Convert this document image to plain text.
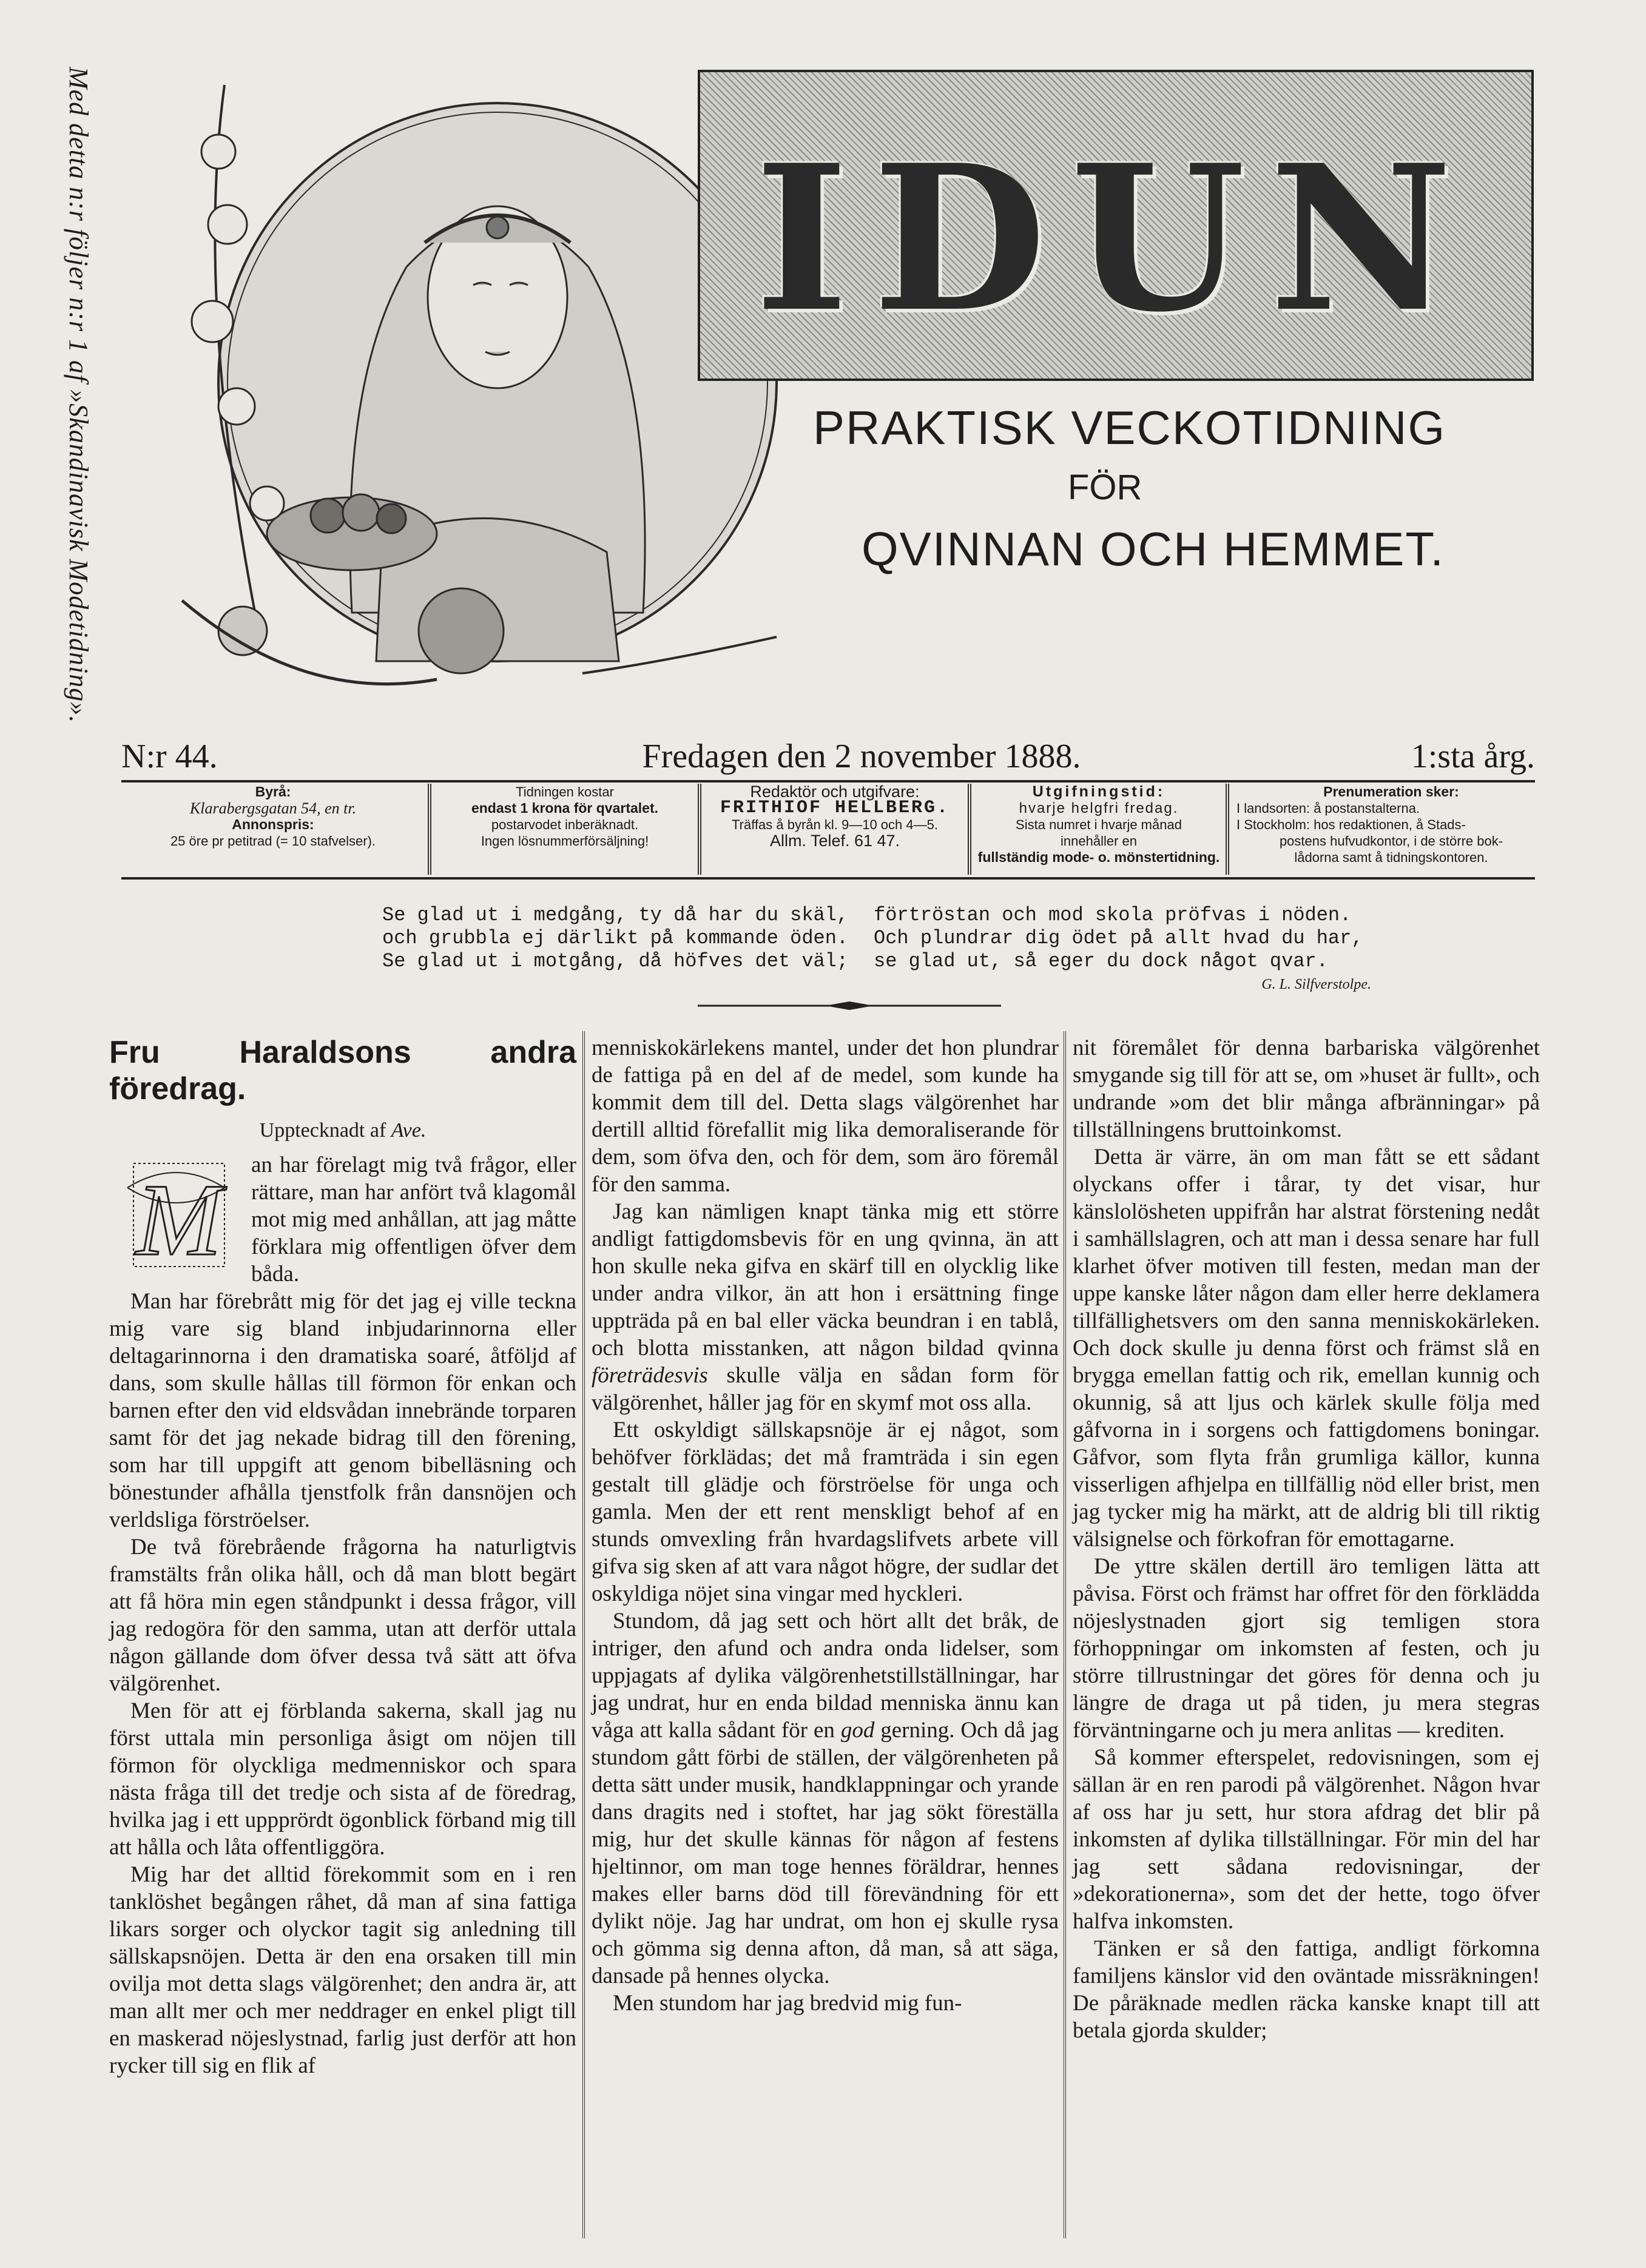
Med detta n:r följer n:r 1 af »Skandinavisk Modetidning».	IDUN
PRAKTISK VECKOTIDNING
FÖR
QVINNAN OCH HEMMET.
N:r 44.	Fredagen den 2 november 1888.	1:sta årg.
Byrå:
Klarabergsgatan 54, en tr.
Annonspris:
25 öre pr petitrad (= 10 stafvelser).
Tidningen kostar
endast 1 krona för qvartalet.
postarvodet inberäknadt.
Ingen lösnummerförsäljning!
Redaktör och utgifvare:
FRITHIOF HELLBERG.
Träffas å byrån kl. 9—10 och 4—5.
Allm. Telef. 61 47.
Utgifningstid:
hvarje helgfri fredag.
Sista numret i hvarje månad
innehåller en
fullständig mode- o. mönstertidning.
Prenumeration sker:
I landsorten: å postanstalterna.
I Stockholm: hos redaktionen, å Stads-
postens hufvudkontor, i de större bok-
lådorna samt å tidningskontoren.
Se glad ut i medgång, ty då har du skäl,
och grubbla ej därlikt på kommande öden.
Se glad ut i motgång, då höfves det väl;
förtröstan och mod skola pröfvas i nöden.
Och plundrar dig ödet på allt hvad du har,
se glad ut, så eger du dock något qvar.
G. L. Silfverstolpe.
Fru Haraldsons andra föredrag.
Upptecknadt af Ave.
M	an har förelagt mig två frågor, eller rättare, man har anfört två klagomål mot mig med anhållan, att jag måtte förklara mig offentligen öfver dem båda.

Man har förebrått mig för det jag ej ville teckna mig vare sig bland inbjudarinnorna eller deltagarinnorna i den dramatiska soaré, åtföljd af dans, som skulle hållas till förmon för enkan och barnen efter den vid eldsvådan innebrände torparen samt för det jag nekade bidrag till den förening, som har till uppgift att genom bibelläsning och bönestunder afhålla tjenstfolk från dansnöjen och verldsliga förströelser.

De två förebrående frågorna ha naturligtvis framstälts från olika håll, och då man blott begärt att få höra min egen ståndpunkt i dessa frågor, vill jag redogöra för den samma, utan att derför uttala någon gällande dom öfver dessa två sätt att öfva välgörenhet.

Men för att ej förblanda sakerna, skall jag nu först uttala min personliga åsigt om nöjen till förmon för olyckliga medmenniskor och spara nästa fråga till det tredje och sista af de föredrag, hvilka jag i ett uppprördt ögonblick förband mig till att hålla och låta offentliggöra.

Mig har det alltid förekommit som en i ren tanklöshet begången råhet, då man af sina fattiga likars sorger och olyckor tagit sig anledning till sällskapsnöjen. Detta är den ena orsaken till min ovilja mot detta slags välgörenhet; den andra är, att man allt mer och mer neddrager en enkel pligt till en maskerad nöjeslystnad, farlig just derför att hon rycker till sig en flik af

menniskokärlekens mantel, under det hon plundrar de fattiga på en del af de medel, som kunde ha kommit dem till del. Detta slags välgörenhet har dertill alltid förefallit mig lika demoraliserande för dem, som öfva den, och för dem, som äro föremål för den samma.

Jag kan nämligen knapt tänka mig ett större andligt fattigdomsbevis för en ung qvinna, än att hon skulle neka gifva en skärf till en olycklig like under andra vilkor, än att hon i ersättning finge uppträda på en bal eller väcka beundran i en tablå, och blotta misstanken, att någon bildad qvinna företrädesvis skulle välja en sådan form för välgörenhet, håller jag för en skymf mot oss alla.

Ett oskyldigt sällskapsnöje är ej något, som behöfver förklädas; det må framträda i sin egen gestalt till glädje och förströelse för unga och gamla. Men der ett rent menskligt behof af en stunds omvexling från hvardagslifvets arbete vill gifva sig sken af att vara något högre, der sudlar det oskyldiga nöjet sina vingar med hyckleri.

Stundom, då jag sett och hört allt det bråk, de intriger, den afund och andra onda lidelser, som uppjagats af dylika välgörenhetstillställningar, har jag undrat, hur en enda bildad menniska ännu kan våga att kalla sådant för en god gerning. Och då jag stundom gått förbi de ställen, der välgörenheten på detta sätt under musik, handklappningar och yrande dans dragits ned i stoftet, har jag sökt föreställa mig, hur det skulle kännas för någon af festens hjeltinnor, om man toge hennes föräldrar, hennes makes eller barns död till förevändning för ett dylikt nöje. Jag har undrat, om hon ej skulle rysa och gömma sig denna afton, då man, så att säga, dansade på hennes olycka.

Men stundom har jag bredvid mig fun-

nit föremålet för denna barbariska välgörenhet smygande sig till för att se, om »huset är fullt», och undrande »om det blir många afbränningar» på tillställningens bruttoinkomst.

Detta är värre, än om man fått se ett sådant olyckans offer i tårar, ty det visar, hur känslolösheten uppifrån har alstrat förstening nedåt i samhällslagren, och att man i dessa senare har full klarhet öfver motiven till festen, medan man der uppe kanske låter någon dam eller herre deklamera tillfällighetsvers om den sanna menniskokärleken. Och dock skulle ju denna först och främst slå en brygga emellan fattig och rik, emellan kunnig och okunnig, så att ljus och kärlek skulle följa med gåfvorna in i sorgens och fattigdomens boningar. Gåfvor, som flyta från grumliga källor, kunna visserligen afhjelpa en tillfällig nöd eller brist, men jag tycker mig ha märkt, att de aldrig bli till riktig välsignelse och förkofran för emottagarne.

De yttre skälen dertill äro temligen lätta att påvisa. Först och främst har offret för den förklädda nöjeslystnaden gjort sig temligen stora förhoppningar om inkomsten af festen, och ju större tillrustningar det göres för denna och ju längre de draga ut på tiden, ju mera stegras förväntningarne och ju mera anlitas — krediten.

Så kommer efterspelet, redovisningen, som ej sällan är en ren parodi på välgörenhet. Någon hvar af oss har ju sett, hur stora afdrag det blir på inkomsten af dylika tillställningar. För min del har jag sett sådana redovisningar, der »dekorationerna», som det der hette, togo öfver halfva inkomsten.

Tänken er så den fattiga, andligt förkomna familjens känslor vid den oväntade missräkningen! De påräknade medlen räcka kanske knapt till att betala gjorda skulder;
